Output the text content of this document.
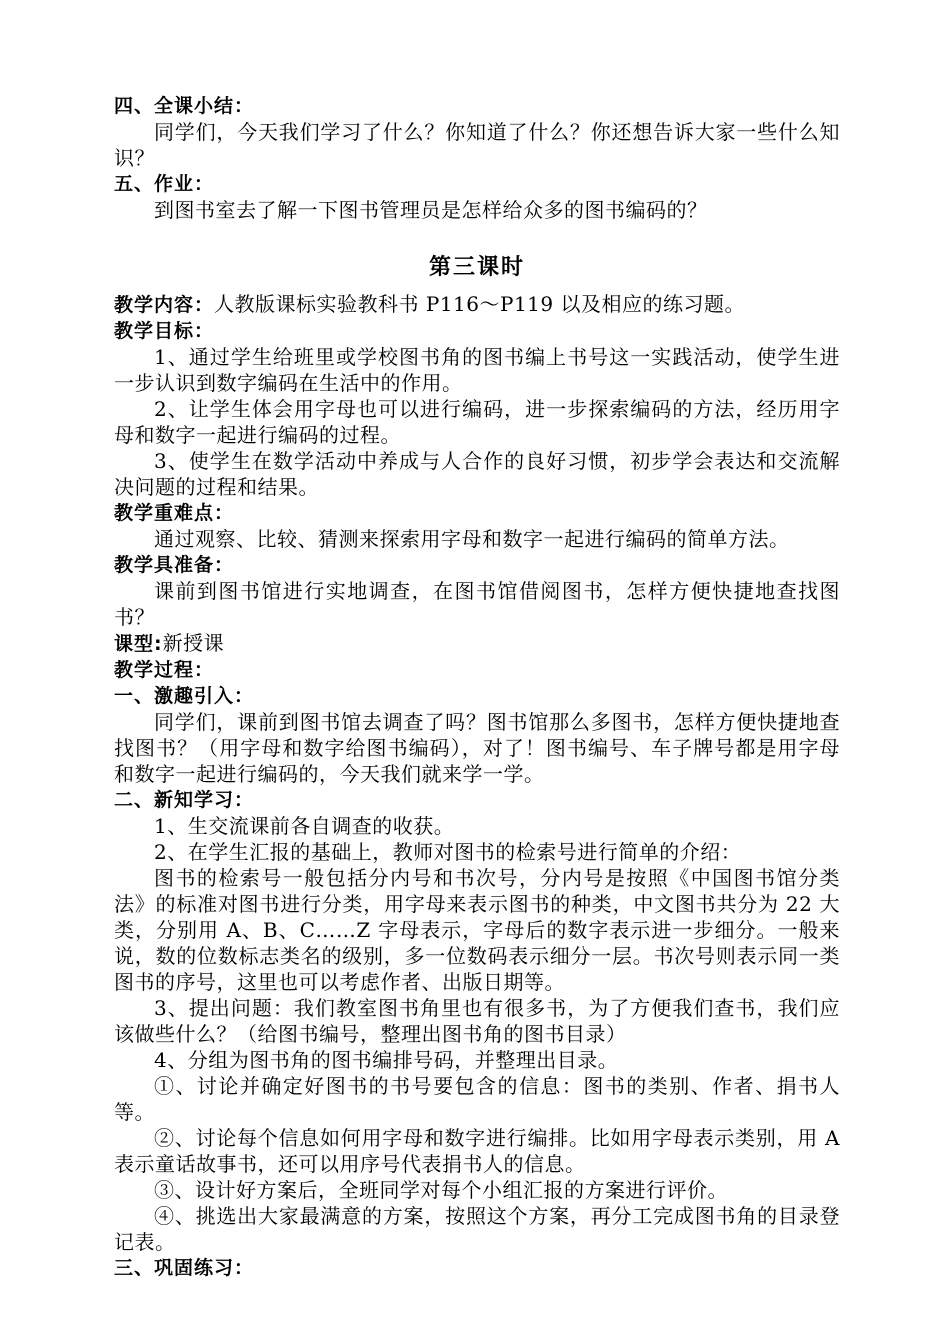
四、全课小结：

同学们，今天我们学习了什么？你知道了什么？你还想告诉大家一些什么知识？

五、作业：

到图书室去了解一下图书管理员是怎样给众多的图书编码的？

第三课时

教学内容：人教版课标实验教科书 P116～P119 以及相应的练习题。

教学目标：

1、通过学生给班里或学校图书角的图书编上书号这一实践活动，使学生进一步认识到数字编码在生活中的作用。

2、让学生体会用字母也可以进行编码，进一步探索编码的方法，经历用字母和数字一起进行编码的过程。

3、使学生在数学活动中养成与人合作的良好习惯，初步学会表达和交流解决问题的过程和结果。

教学重难点：

通过观察、比较、猜测来探索用字母和数字一起进行编码的简单方法。

教学具准备：

课前到图书馆进行实地调查，在图书馆借阅图书，怎样方便快捷地查找图书？

课型:新授课

教学过程：

一、激趣引入：

同学们，课前到图书馆去调查了吗？图书馆那么多图书，怎样方便快捷地查找图书？（用字母和数字给图书编码），对了！图书编号、车子牌号都是用字母和数字一起进行编码的，今天我们就来学一学。

二、新知学习：

1、生交流课前各自调查的收获。

2、在学生汇报的基础上，教师对图书的检索号进行简单的介绍：

图书的检索号一般包括分内号和书次号，分内号是按照《中国图书馆分类法》的标准对图书进行分类，用字母来表示图书的种类，中文图书共分为 22 大类，分别用 A、B、C……Z 字母表示，字母后的数字表示进一步细分。一般来说，数的位数标志类名的级别，多一位数码表示细分一层。书次号则表示同一类图书的序号，这里也可以考虑作者、出版日期等。

3、提出问题：我们教室图书角里也有很多书，为了方便我们查书，我们应该做些什么？（给图书编号，整理出图书角的图书目录）

4、分组为图书角的图书编排号码，并整理出目录。

①、讨论并确定好图书的书号要包含的信息：图书的类别、作者、捐书人等。

②、讨论每个信息如何用字母和数字进行编排。比如用字母表示类别，用 A 表示童话故事书，还可以用序号代表捐书人的信息。

③、设计好方案后，全班同学对每个小组汇报的方案进行评价。

④、挑选出大家最满意的方案，按照这个方案，再分工完成图书角的目录登记表。

三、巩固练习：
